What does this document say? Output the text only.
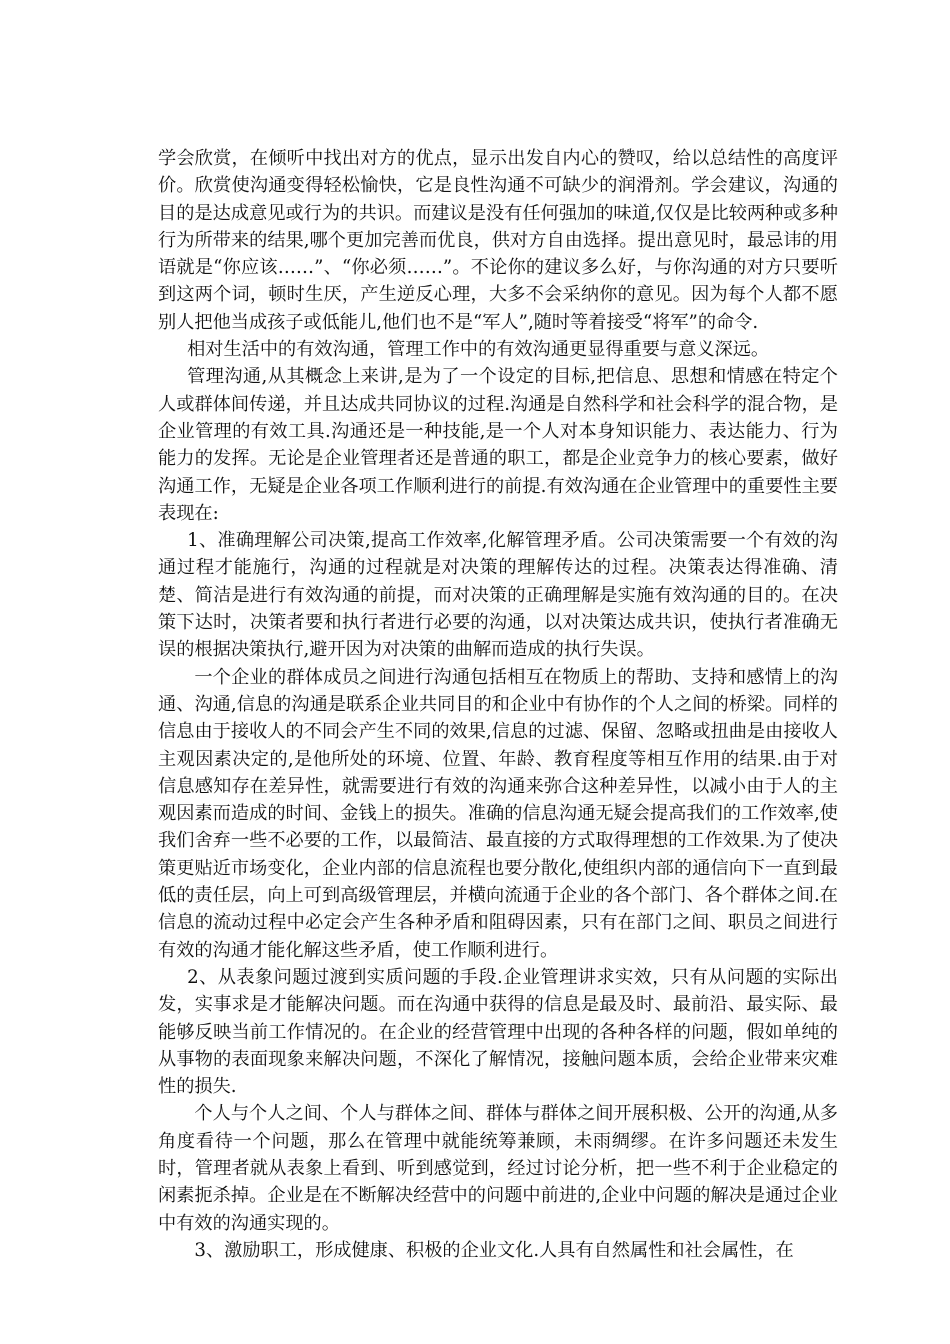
学会欣赏，在倾听中找出对方的优点，显示出发自内心的赞叹，给以总结性的高度评价。欣赏使沟通变得轻松愉快，它是良性沟通不可缺少的润滑剂。学会建议，沟通的目的是达成意见或行为的共识。而建议是没有任何强加的味道,仅仅是比较两种或多种行为所带来的结果,哪个更加完善而优良，供对方自由选择。提出意见时，最忌讳的用语就是“你应该……”、“你必须……”。不论你的建议多么好，与你沟通的对方只要听到这两个词，顿时生厌，产生逆反心理，大多不会采纳你的意见。因为每个人都不愿别人把他当成孩子或低能儿,他们也不是“军人”,随时等着接受“将军”的命令.

相对生活中的有效沟通，管理工作中的有效沟通更显得重要与意义深远。

管理沟通,从其概念上来讲,是为了一个设定的目标,把信息、思想和情感在特定个人或群体间传递，并且达成共同协议的过程.沟通是自然科学和社会科学的混合物，是企业管理的有效工具.沟通还是一种技能,是一个人对本身知识能力、表达能力、行为能力的发挥。无论是企业管理者还是普通的职工，都是企业竞争力的核心要素，做好沟通工作，无疑是企业各项工作顺利进行的前提.有效沟通在企业管理中的重要性主要表现在:

1、准确理解公司决策,提高工作效率,化解管理矛盾。公司决策需要一个有效的沟通过程才能施行，沟通的过程就是对决策的理解传达的过程。决策表达得准确、清楚、简洁是进行有效沟通的前提，而对决策的正确理解是实施有效沟通的目的。在决策下达时，决策者要和执行者进行必要的沟通，以对决策达成共识，使执行者准确无误的根据决策执行,避开因为对决策的曲解而造成的执行失误。

一个企业的群体成员之间进行沟通包括相互在物质上的帮助、支持和感情上的沟通、沟通,信息的沟通是联系企业共同目的和企业中有协作的个人之间的桥梁。同样的信息由于接收人的不同会产生不同的效果,信息的过滤、保留、忽略或扭曲是由接收人主观因素决定的,是他所处的环境、位置、年龄、教育程度等相互作用的结果.由于对信息感知存在差异性，就需要进行有效的沟通来弥合这种差异性，以减小由于人的主观因素而造成的时间、金钱上的损失。准确的信息沟通无疑会提高我们的工作效率,使我们舍弃一些不必要的工作，以最简洁、最直接的方式取得理想的工作效果.为了使决策更贴近市场变化，企业内部的信息流程也要分散化,使组织内部的通信向下一直到最低的责任层，向上可到高级管理层，并横向流通于企业的各个部门、各个群体之间.在信息的流动过程中必定会产生各种矛盾和阻碍因素，只有在部门之间、职员之间进行有效的沟通才能化解这些矛盾，使工作顺利进行。

2、从表象问题过渡到实质问题的手段.企业管理讲求实效，只有从问题的实际出发，实事求是才能解决问题。而在沟通中获得的信息是最及时、最前沿、最实际、最能够反映当前工作情况的。在企业的经营管理中出现的各种各样的问题，假如单纯的从事物的表面现象来解决问题，不深化了解情况，接触问题本质，会给企业带来灾难性的损失.

个人与个人之间、个人与群体之间、群体与群体之间开展积极、公开的沟通,从多角度看待一个问题，那么在管理中就能统筹兼顾，未雨绸缪。在许多问题还未发生时，管理者就从表象上看到、听到感觉到，经过讨论分析，把一些不利于企业稳定的闲素扼杀掉。企业是在不断解决经营中的问题中前进的,企业中问题的解决是通过企业中有效的沟通实现的。

3、激励职工，形成健康、积极的企业文化.人具有自然属性和社会属性，在
